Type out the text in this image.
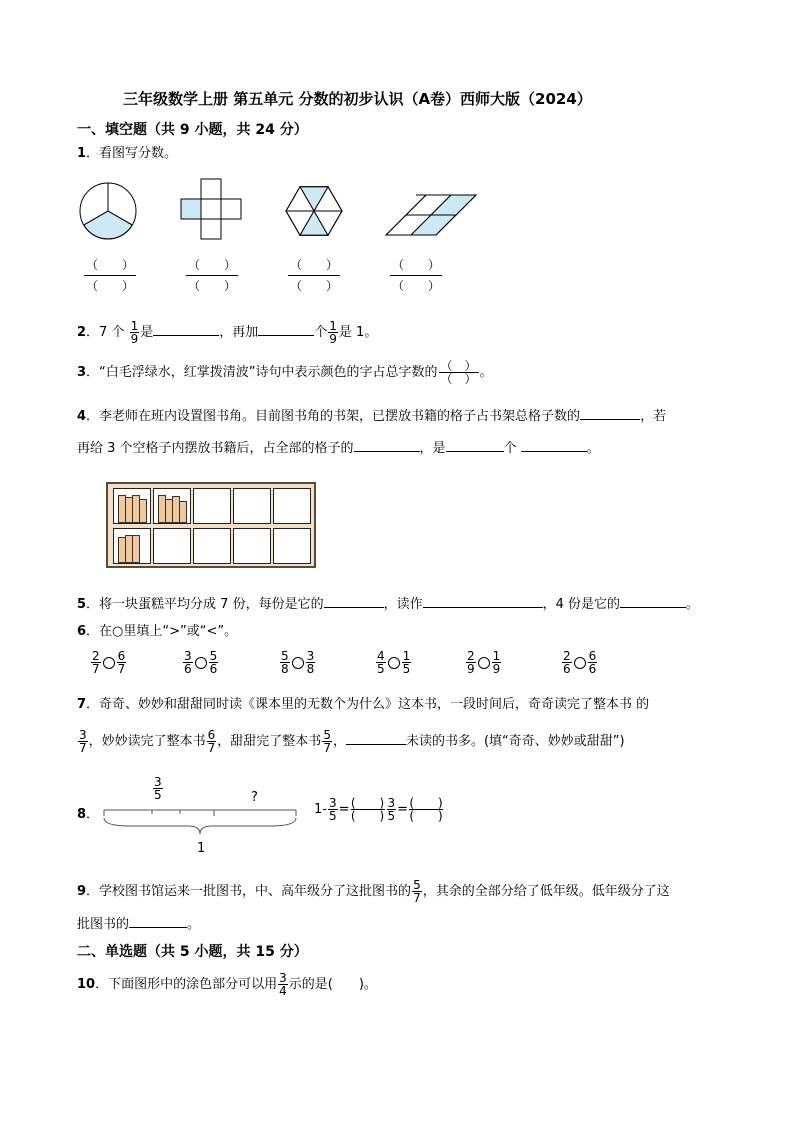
三年级数学上册 第五单元 分数的初步认识（A卷）西师大版（2024）
一、填空题（共 9 小题，共 24 分）
1．看图写分数。
（　　）
（　　）
（　　）
（　　）
（　　）
（　　）
（　　）
（　　）
2．7 个 $\frac{1}{9}$ 是	，再加	个 $\frac{1}{9}$ 是 1。
3．“白毛浮绿水，红掌拨清波”诗句中表示颜色的字占总字数的 $\frac{( )}{( )}$ 。
4．李老师在班内设置图书角。目前图书角的书架，已摆放书籍的格子占书架总格子数的	，若
再给 3 个空格子内摆放书籍后，占全部的格子的	，是	个	。
5．将一块蛋糕平均分成 7 份，每份是它的	，读作	，4 份是它的	。
6．在○里填上“>”或“<”。
$\frac{2}{7} \frac{6}{7}$	$\frac{3}{6} \frac{5}{6}$	$\frac{5}{8} \frac{3}{8}$	$\frac{4}{5} \frac{1}{5}$	$\frac{2}{9} \frac{1}{9}$	$\frac{2}{6} \frac{6}{6}$
7．奇奇、妙妙和甜甜同时读《课本里的无数个为什么》这本书，一段时间后，奇奇读完了整本书 的
$\frac{3}{7}$ ，妙妙读完了整本书 $\frac{6}{7}$ ，甜甜完了整本书 $\frac{5}{7}$ ，	未读的书多。(填“奇奇、妙妙或甜甜”)
8．
$\frac{3}{5}$	?
1
$1- \frac{3}{5} = \frac{( )}{( )} \frac{3}{5} = \frac{( )}{( )}$
9．学校图书馆运来一批图书，中、高年级分了这批图书的 $\frac{5}{7}$ ，其余的全部分给了低年级。低年级分了这
批图书的	。
二、单选题（共 5 小题，共 15 分）
10．下面图形中的涂色部分可以用 $\frac{3}{4}$ 示的是(　　)。
